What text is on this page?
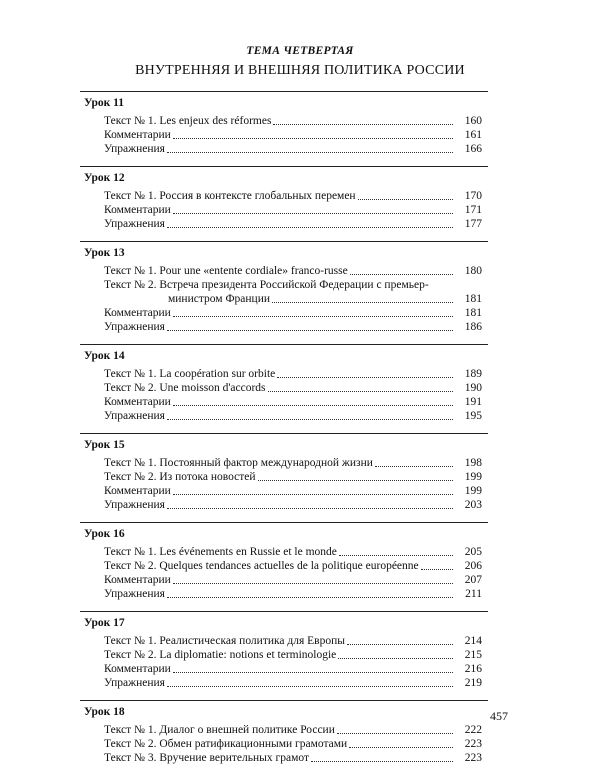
ТЕМА ЧЕТВЕРТАЯ
ВНУТРЕННЯЯ И ВНЕШНЯЯ ПОЛИТИКА РОССИИ
Урок 11
Текст № 1. Les enjeux des réformes	160
Комментарии	161
Упражнения	166
Урок 12
Текст № 1. Россия в контексте глобальных перемен	170
Комментарии	171
Упражнения	177
Урок 13
Текст № 1. Pour une «entente cordiale» franco-russe	180
Текст № 2. Встреча президента Российской Федерации с премьер-
министром Франции	181
Комментарии	181
Упражнения	186
Урок 14
Текст № 1. La coopération sur orbite	189
Текст № 2. Une moisson d'accords	190
Комментарии	191
Упражнения	195
Урок 15
Текст № 1. Постоянный фактор международной жизни	198
Текст № 2. Из потока новостей	199
Комментарии	199
Упражнения	203
Урок 16
Текст № 1. Les événements en Russie et le monde	205
Текст № 2. Quelques tendances actuelles de la politique européenne	206
Комментарии	207
Упражнения	211
Урок 17
Текст № 1. Реалистическая политика для Европы	214
Текст № 2. La diplomatie: notions et terminologie	215
Комментарии	216
Упражнения	219
Урок 18
Текст № 1. Диалог о внешней политике России	222
Текст № 2. Обмен ратификационными грамотами	223
Текст № 3. Вручение верительных грамот	223
457
